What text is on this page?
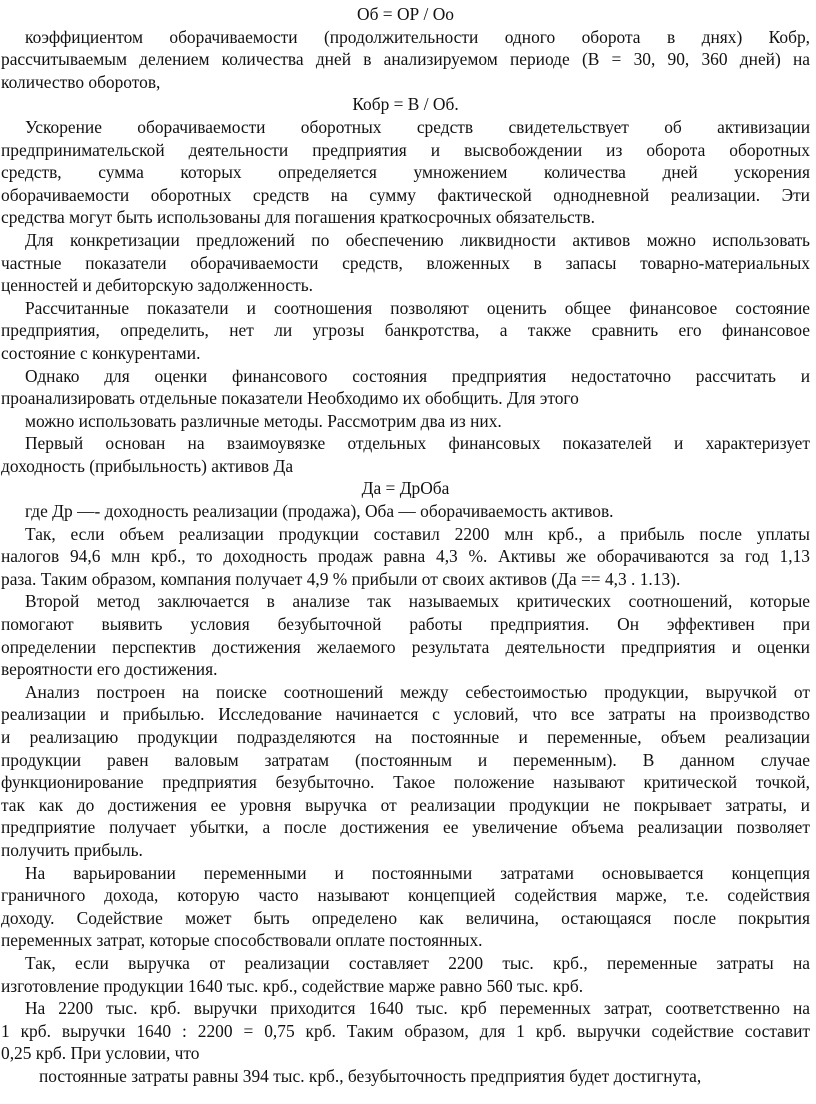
Об = ОР / Оо
коэффициентом оборачиваемости (продолжительности одного оборота в днях) Кобр,
рассчитываемым делением количества дней в анализируемом периоде (В = 30, 90, 360 дней) на
количество оборотов,
Кобр = В / Об.
Ускорение оборачиваемости оборотных средств свидетельствует об активизации
предпринимательской деятельности предприятия и высвобождении из оборота оборотных
средств, сумма которых определяется умножением количества дней ускорения
оборачиваемости оборотных средств на сумму фактической однодневной реализации. Эти
средства могут быть использованы для погашения краткосрочных обязательств.
Для конкретизации предложений по обеспечению ликвидности активов можно использовать
частные показатели оборачиваемости средств, вложенных в запасы товарно-материальных
ценностей и дебиторскую задолженность.
Рассчитанные показатели и соотношения позволяют оценить общее финансовое состояние
предприятия, определить, нет ли угрозы банкротства, а также сравнить его финансовое
состояние с конкурентами.
Однако для оценки финансового состояния предприятия недостаточно рассчитать и
проанализировать отдельные показатели Необходимо их обобщить. Для этого
можно использовать различные методы. Рассмотрим два из них.
Первый основан на взаимоувязке отдельных финансовых показателей и характеризует
доходность (прибыльность) активов Да
Да = ДрОба
где Др —- доходность реализации (продажа), Оба — оборачиваемость активов.
Так, если объем реализации продукции составил 2200 млн крб., а прибыль после уплаты
налогов 94,6 млн крб., то доходность продаж равна 4,3 %. Активы же оборачиваются за год 1,13
раза. Таким образом, компания получает 4,9 % прибыли от своих активов (Да == 4,3 . 1.13).
Второй метод заключается в анализе так называемых критических соотношений, которые
помогают выявить условия безубыточной работы предприятия. Он эффективен при
определении перспектив достижения желаемого результата деятельности предприятия и оценки
вероятности его достижения.
Анализ построен на поиске соотношений между себестоимостью продукции, выручкой от
реализации и прибылью. Исследование начинается с условий, что все затраты на производство
и реализацию продукции подразделяются на постоянные и переменные, объем реализации
продукции равен валовым затратам (постоянным и переменным). В данном случае
функционирование предприятия безубыточно. Такое положение называют критической точкой,
так как до достижения ее уровня выручка от реализации продукции не покрывает затраты, и
предприятие получает убытки, а после достижения ее увеличение объема реализации позволяет
получить прибыль.
На варьировании переменными и постоянными затратами основывается концепция
граничного дохода, которую часто называют концепцией содействия марже, т.е. содействия
доходу. Содействие может быть определено как величина, остающаяся после покрытия
переменных затрат, которые способствовали оплате постоянных.
Так, если выручка от реализации составляет 2200 тыс. крб., переменные затраты на
изготовление продукции 1640 тыс. крб., содействие марже равно 560 тыс. крб.
На 2200 тыс. крб. выручки приходится 1640 тыс. крб переменных затрат, соответственно на
1 крб. выручки 1640 : 2200 = 0,75 крб. Таким образом, для 1 крб. выручки содействие составит
0,25 крб. При условии, что
постоянные затраты равны 394 тыс. крб., безубыточность предприятия будет достигнута,
